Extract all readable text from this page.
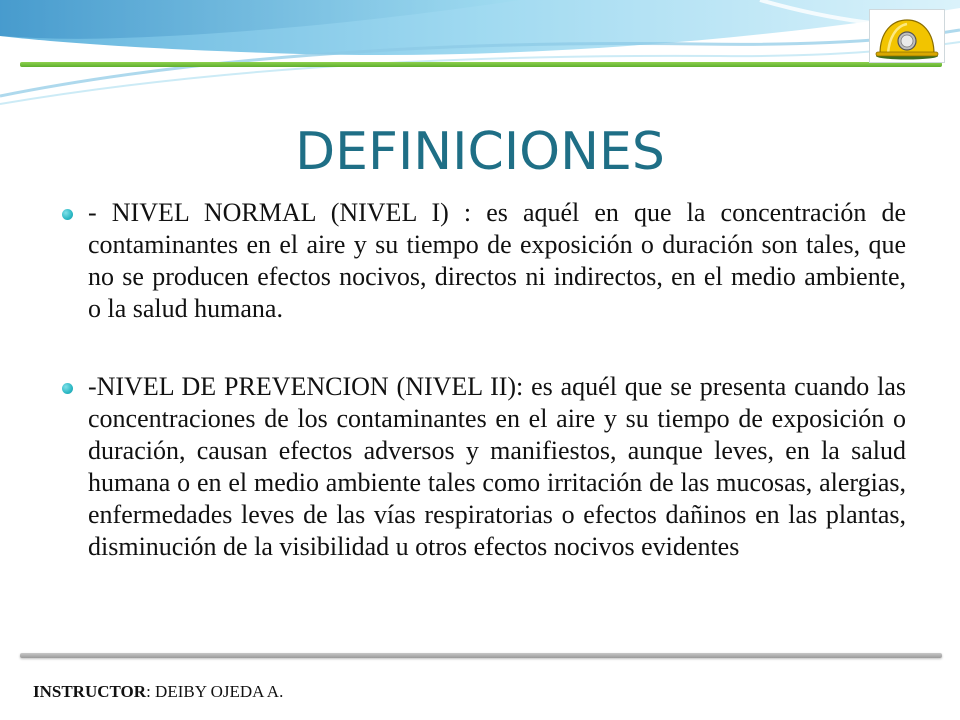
DEFINICIONES

- NIVEL NORMAL (NIVEL I) : es aquél en que la concentración de contaminantes en el aire y su tiempo de exposición o duración son tales, que no se producen efectos nocivos, directos ni indirectos, en el medio ambiente, o la salud humana.

-NIVEL DE PREVENCION (NIVEL II): es aquél que se presenta cuando las concentraciones de los contaminantes en el aire y su tiempo de exposición o duración, causan efectos adversos y manifiestos, aunque leves, en la salud humana o en el medio ambiente tales como irritación de las mucosas, alergias, enfermedades leves de las vías respiratorias o efectos dañinos en las plantas, disminución de la visibilidad u otros efectos nocivos evidentes

INSTRUCTOR: DEIBY OJEDA A.
